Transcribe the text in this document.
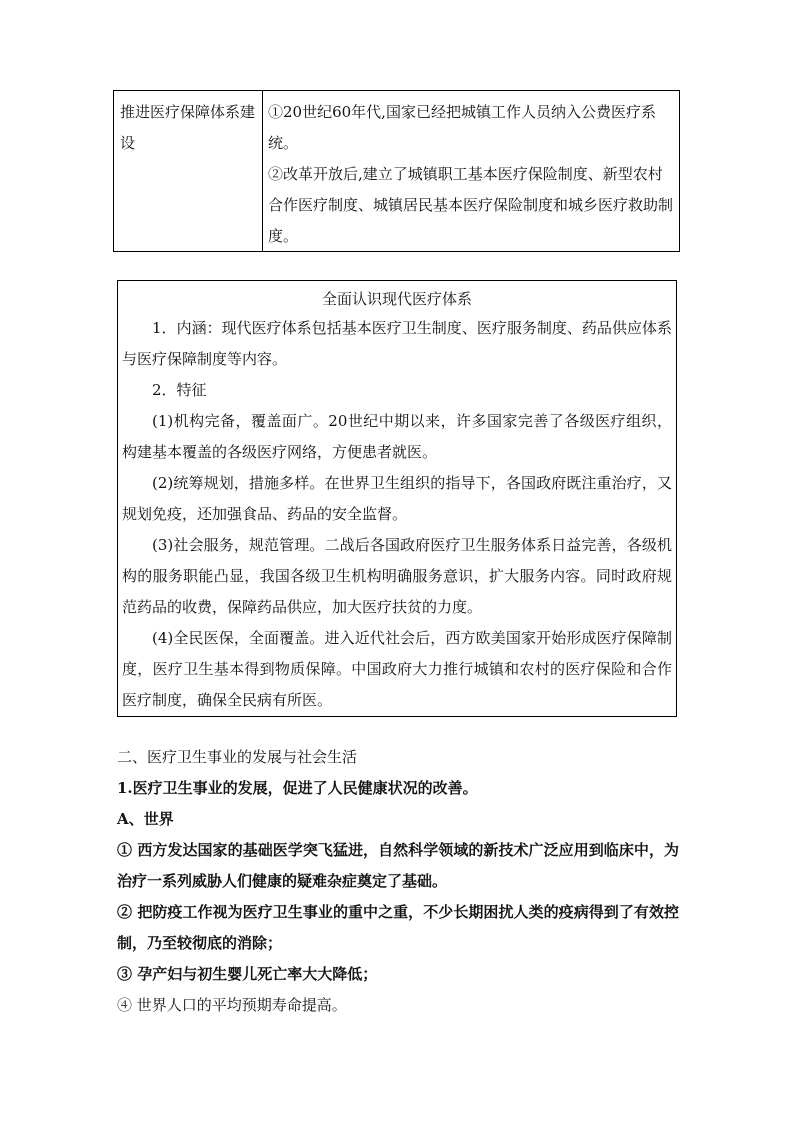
推进医疗保障体系建设

①20世纪60年代,国家已经把城镇工作人员纳入公费医疗系统。

②改革开放后,建立了城镇职工基本医疗保险制度、新型农村合作医疗制度、城镇居民基本医疗保险制度和城乡医疗救助制度。

全面认识现代医疗体系

1．内涵：现代医疗体系包括基本医疗卫生制度、医疗服务制度、药品供应体系与医疗保障制度等内容。

2．特征

(1)机构完备，覆盖面广。20世纪中期以来，许多国家完善了各级医疗组织，构建基本覆盖的各级医疗网络，方便患者就医。

(2)统筹规划，措施多样。在世界卫生组织的指导下，各国政府既注重治疗，又规划免疫，还加强食品、药品的安全监督。

(3)社会服务，规范管理。二战后各国政府医疗卫生服务体系日益完善，各级机构的服务职能凸显，我国各级卫生机构明确服务意识，扩大服务内容。同时政府规范药品的收费，保障药品供应，加大医疗扶贫的力度。

(4)全民医保，全面覆盖。进入近代社会后，西方欧美国家开始形成医疗保障制度，医疗卫生基本得到物质保障。中国政府大力推行城镇和农村的医疗保险和合作医疗制度，确保全民病有所医。

二、医疗卫生事业的发展与社会生活

1.医疗卫生事业的发展，促进了人民健康状况的改善。

A、世界

① 西方发达国家的基础医学突飞猛进，自然科学领域的新技术广泛应用到临床中，为治疗一系列威胁人们健康的疑难杂症奠定了基础。

② 把防疫工作视为医疗卫生事业的重中之重，不少长期困扰人类的疫病得到了有效控制，乃至较彻底的消除；

③ 孕产妇与初生婴儿死亡率大大降低；

④ 世界人口的平均预期寿命提高。
